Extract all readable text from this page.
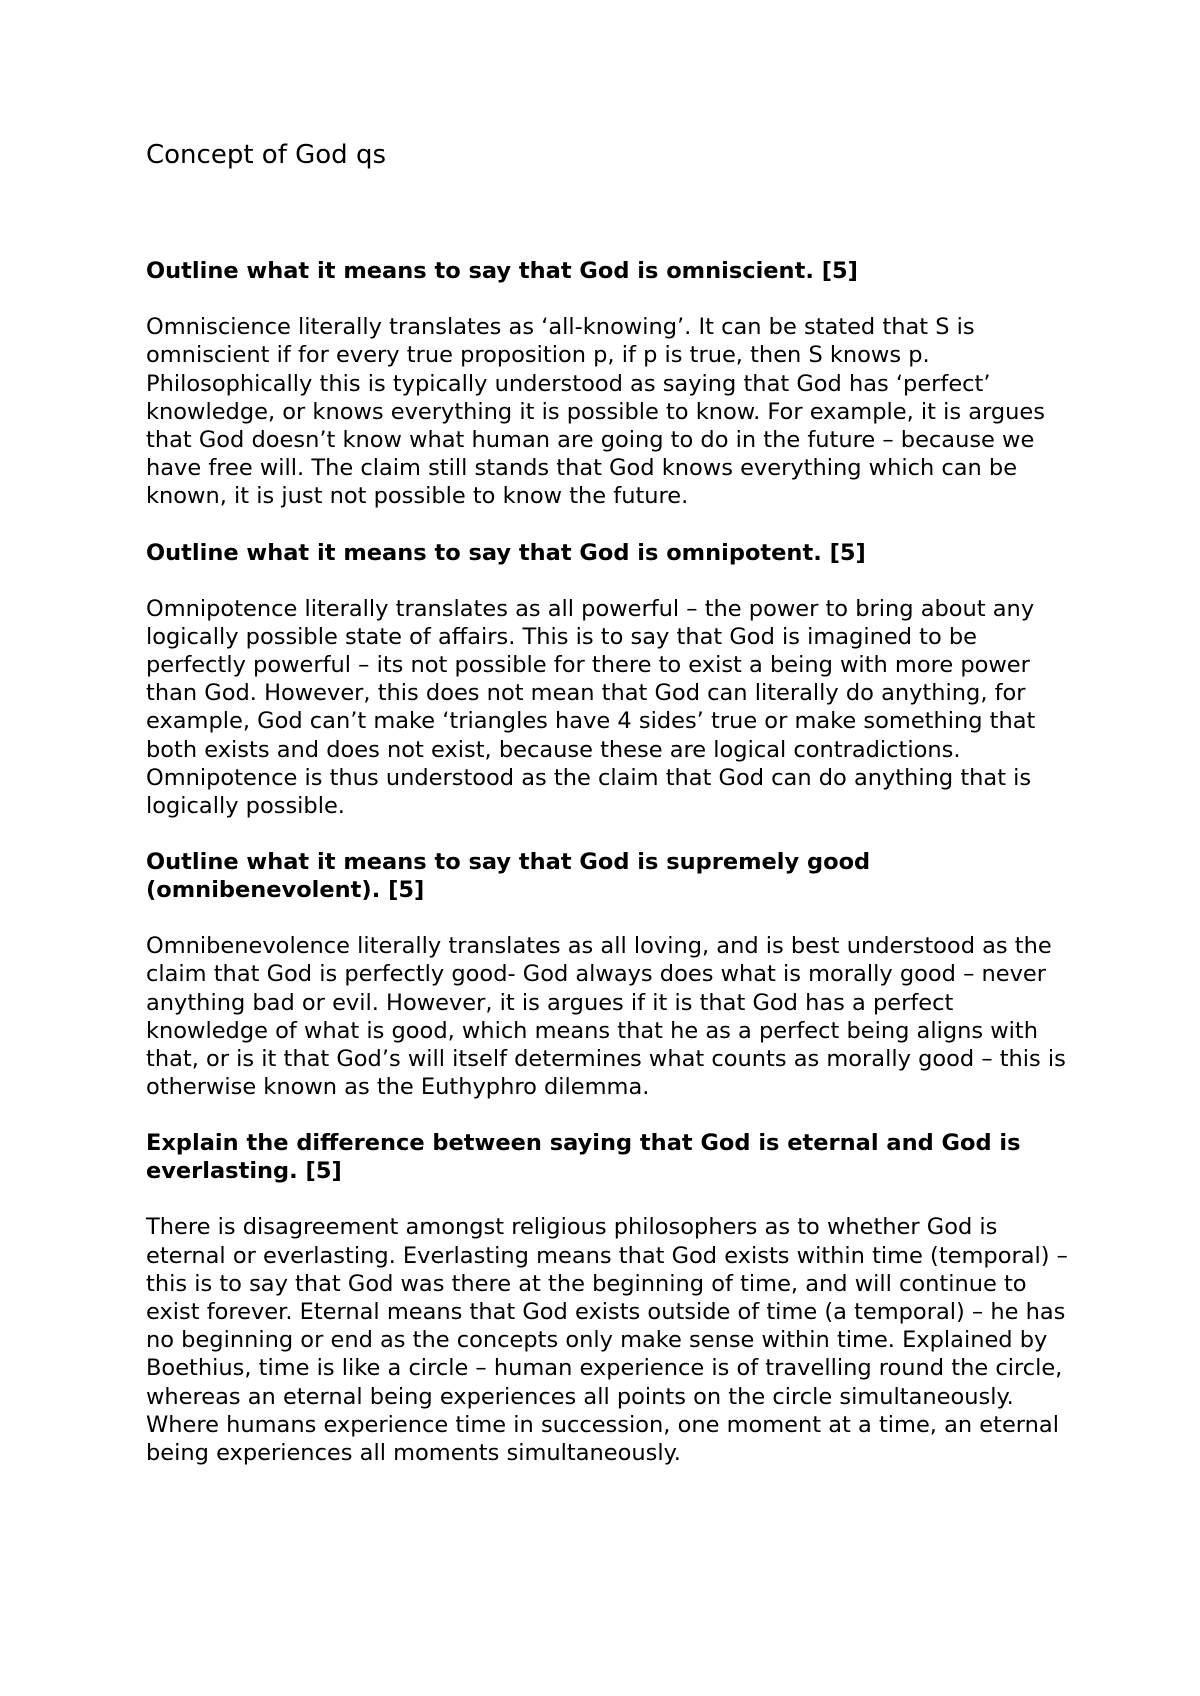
Concept of God qs

Outline what it means to say that God is omniscient. [5]

Omniscience literally translates as ‘all-knowing’. It can be stated that S is omniscient if for every true proposition p, if p is true, then S knows p. Philosophically this is typically understood as saying that God has ‘perfect’ knowledge, or knows everything it is possible to know. For example, it is argues that God doesn’t know what human are going to do in the future – because we have free will. The claim still stands that God knows everything which can be known, it is just not possible to know the future.

Outline what it means to say that God is omnipotent. [5]

Omnipotence literally translates as all powerful – the power to bring about any logically possible state of affairs. This is to say that God is imagined to be perfectly powerful – its not possible for there to exist a being with more power than God. However, this does not mean that God can literally do anything, for example, God can’t make ‘triangles have 4 sides’ true or make something that both exists and does not exist, because these are logical contradictions. Omnipotence is thus understood as the claim that God can do anything that is logically possible.

Outline what it means to say that God is supremely good (omnibenevolent). [5]

Omnibenevolence literally translates as all loving, and is best understood as the claim that God is perfectly good- God always does what is morally good – never anything bad or evil. However, it is argues if it is that God has a perfect knowledge of what is good, which means that he as a perfect being aligns with that, or is it that God’s will itself determines what counts as morally good – this is otherwise known as the Euthyphro dilemma.

Explain the difference between saying that God is eternal and God is everlasting. [5]

There is disagreement amongst religious philosophers as to whether God is eternal or everlasting. Everlasting means that God exists within time (temporal) – this is to say that God was there at the beginning of time, and will continue to exist forever. Eternal means that God exists outside of time (a temporal) – he has no beginning or end as the concepts only make sense within time. Explained by Boethius, time is like a circle – human experience is of travelling round the circle, whereas an eternal being experiences all points on the circle simultaneously. Where humans experience time in succession, one moment at a time, an eternal being experiences all moments simultaneously.
